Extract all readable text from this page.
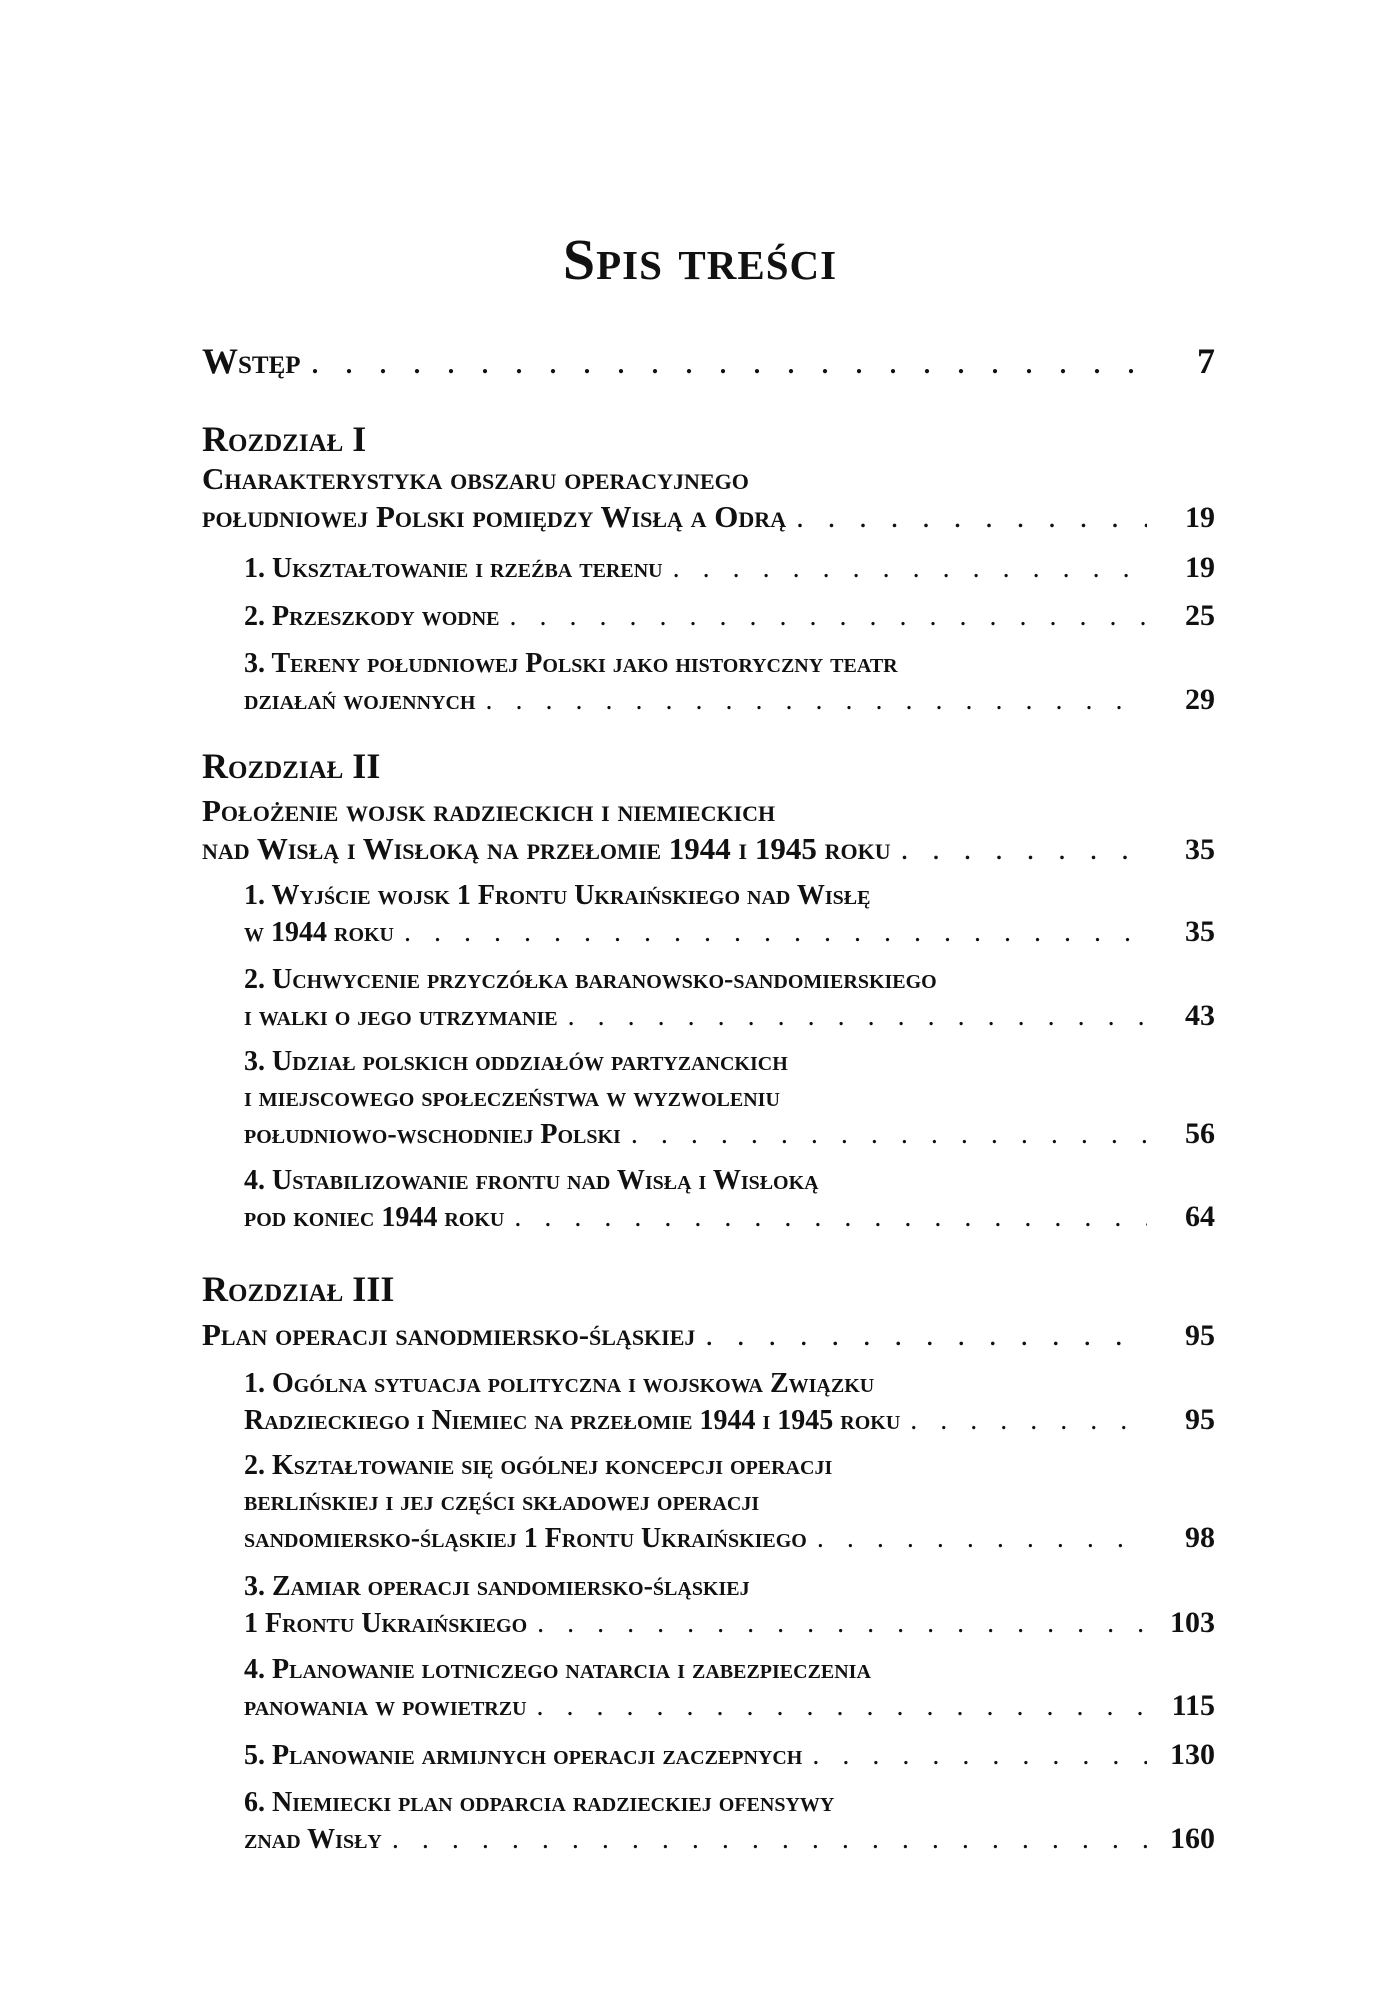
Spis treści
Wstęp . . .	7
Rozdział I
Charakterystyka obszaru operacyjnego
południowej Polski pomiędzy Wisłą a Odrą . . .	19
1. Ukształtowanie i rzeźba terenu . . .	19
2. Przeszkody wodne . . .	25
3. Tereny południowej Polski jako historyczny teatr
działań wojennych . . .	29
Rozdział II
Położenie wojsk radzieckich i niemieckich
nad Wisłą i Wisłoką na przełomie 1944 i 1945 roku . . .	35
1. Wyjście wojsk 1 Frontu Ukraińskiego nad Wisłę
w 1944 roku . . .	35
2. Uchwycenie przyczółka baranowsko-sandomierskiego
i walki o jego utrzymanie . . .	43
3. Udział polskich oddziałów partyzanckich
i miejscowego społeczeństwa w wyzwoleniu
południowo-wschodniej Polski . . .	56
4. Ustabilizowanie frontu nad Wisłą i Wisłoką
pod koniec 1944 roku . . .	64
Rozdział III
Plan operacji sanodmiersko-śląskiej . . .	95
1. Ogólna sytuacja polityczna i wojskowa Związku
Radzieckiego i Niemiec na przełomie 1944 i 1945 roku . . .	95
2. Kształtowanie się ogólnej koncepcji operacji
berlińskiej i jej części składowej operacji
sandomiersko-śląskiej 1 Frontu Ukraińskiego . . .	98
3. Zamiar operacji sandomiersko-śląskiej
1 Frontu Ukraińskiego . . .	103
4. Planowanie lotniczego natarcia i zabezpieczenia
panowania w powietrzu . . .	115
5. Planowanie armijnych operacji zaczepnych . . .	130
6. Niemiecki plan odparcia radzieckiej ofensywy
znad Wisły . . .	160
